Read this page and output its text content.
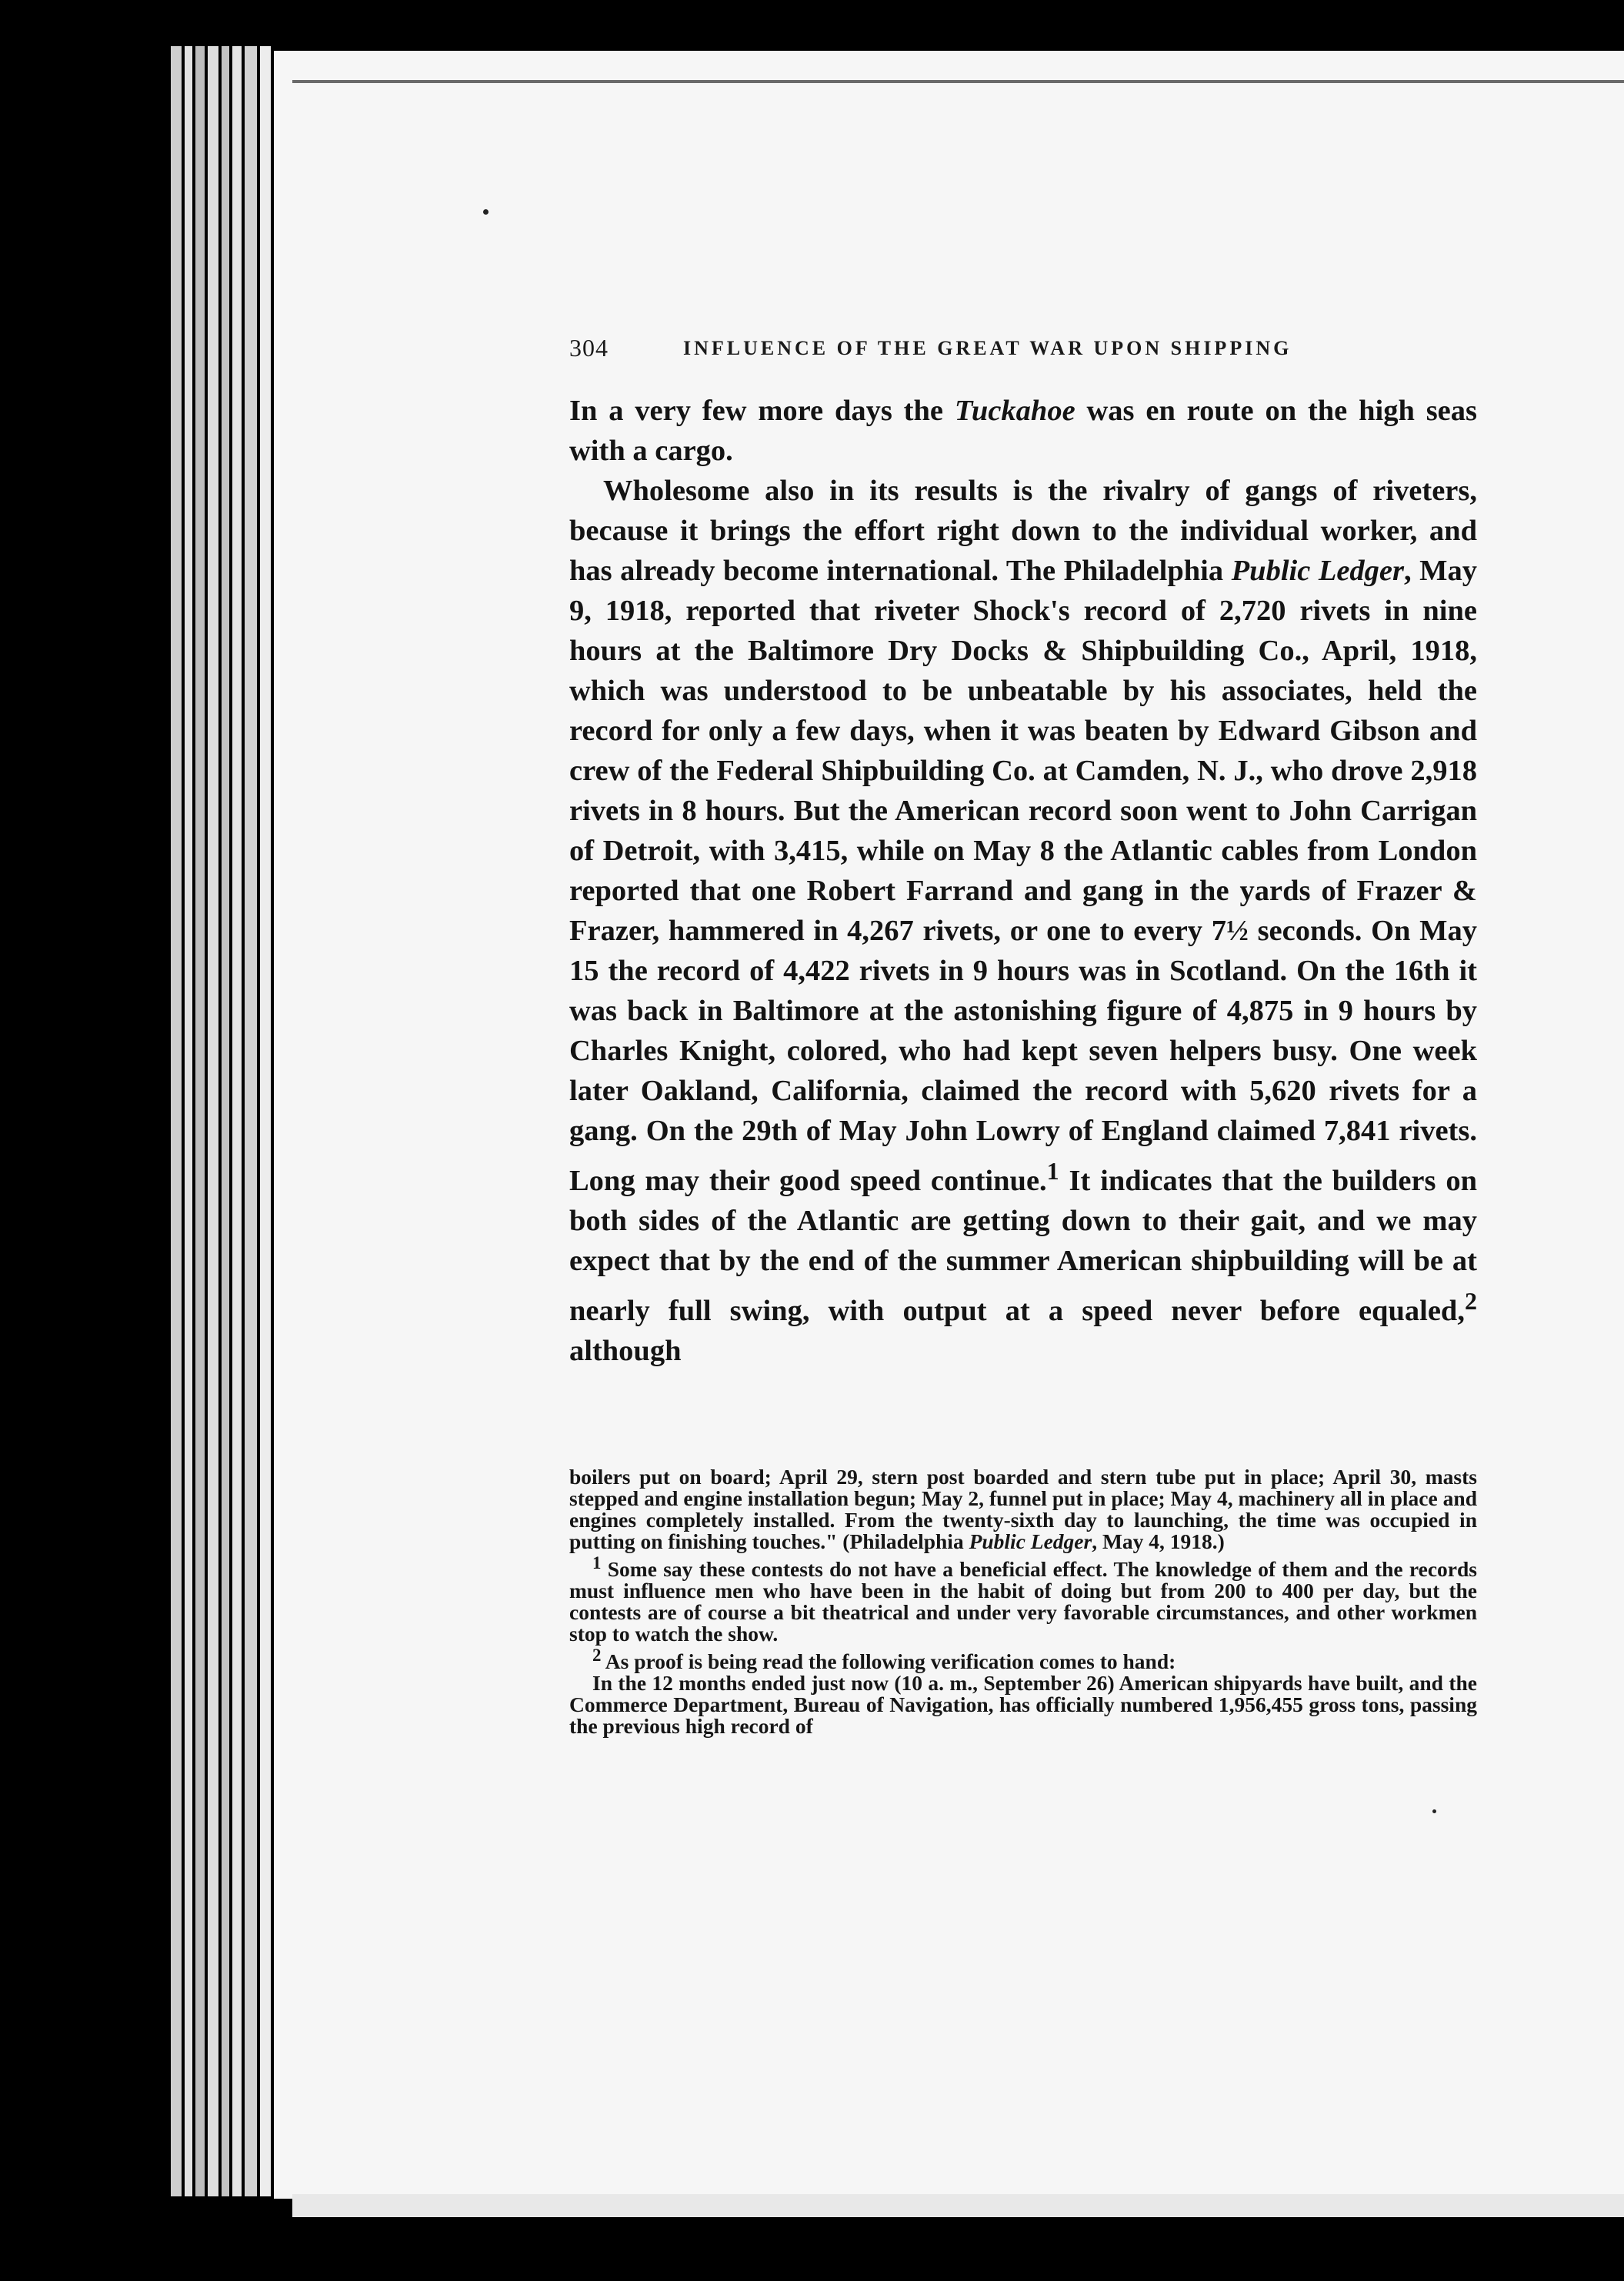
304	INFLUENCE OF THE GREAT WAR UPON SHIPPING

In a very few more days the Tuckahoe was en route on the high seas with a cargo.

Wholesome also in its results is the rivalry of gangs of riveters, because it brings the effort right down to the individual worker, and has already become international. The Philadelphia Public Ledger, May 9, 1918, reported that riveter Shock's record of 2,720 rivets in nine hours at the Baltimore Dry Docks & Shipbuilding Co., April, 1918, which was understood to be unbeatable by his associates, held the record for only a few days, when it was beaten by Edward Gibson and crew of the Federal Shipbuilding Co. at Camden, N. J., who drove 2,918 rivets in 8 hours. But the American record soon went to John Carrigan of Detroit, with 3,415, while on May 8 the Atlantic cables from London reported that one Robert Farrand and gang in the yards of Frazer & Frazer, hammered in 4,267 rivets, or one to every 7½ seconds. On May 15 the record of 4,422 rivets in 9 hours was in Scotland. On the 16th it was back in Baltimore at the astonishing figure of 4,875 in 9 hours by Charles Knight, colored, who had kept seven helpers busy. One week later Oakland, California, claimed the record with 5,620 rivets for a gang. On the 29th of May John Lowry of England claimed 7,841 rivets. Long may their good speed continue.$^1$ It indicates that the builders on both sides of the Atlantic are getting down to their gait, and we may expect that by the end of the summer American shipbuilding will be at nearly full swing, with output at a speed never before equaled,$^2$ although

boilers put on board; April 29, stern post boarded and stern tube put in place; April 30, masts stepped and engine installation begun; May 2, funnel put in place; May 4, machinery all in place and engines completely installed. From the twenty-sixth day to launching, the time was occupied in putting on finishing touches." (Philadelphia Public Ledger, May 4, 1918.)

$^1$ Some say these contests do not have a beneficial effect. The knowledge of them and the records must influence men who have been in the habit of doing but from 200 to 400 per day, but the contests are of course a bit theatrical and under very favorable circumstances, and other workmen stop to watch the show.

$^2$ As proof is being read the following verification comes to hand:

In the 12 months ended just now (10 a. m., September 26) American shipyards have built, and the Commerce Department, Bureau of Navigation, has officially numbered 1,956,455 gross tons, passing the previous high record of
